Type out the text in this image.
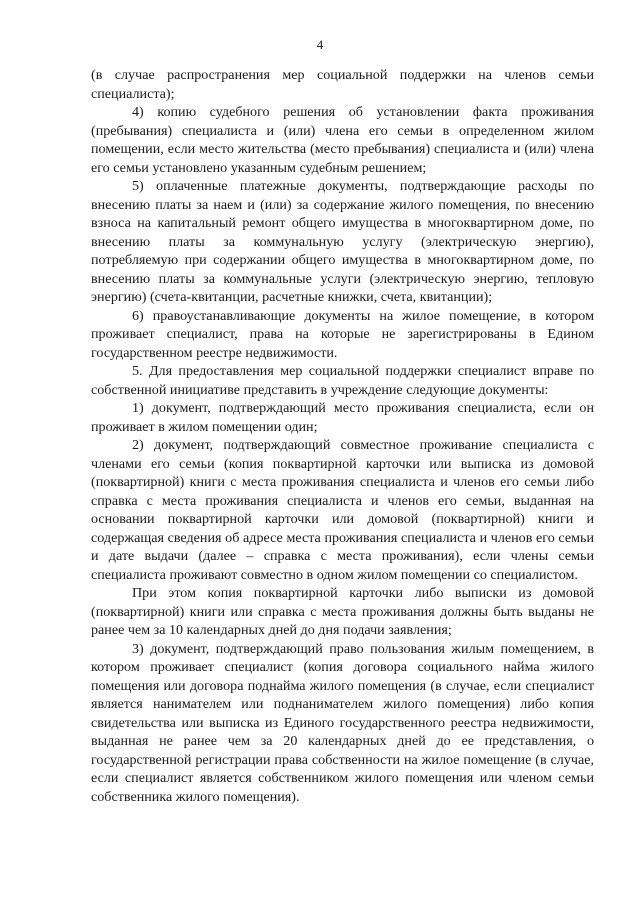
4

(в случае распространения мер социальной поддержки на членов семьи специалиста);

4) копию судебного решения об установлении факта проживания (пребывания) специалиста и (или) члена его семьи в определенном жилом помещении, если место жительства (место пребывания) специалиста и (или) члена его семьи установлено указанным судебным решением;

5) оплаченные платежные документы, подтверждающие расходы по внесению платы за наем и (или) за содержание жилого помещения, по внесению взноса на капитальный ремонт общего имущества в многоквартирном доме, по внесению платы за коммунальную услугу (электрическую энергию), потребляемую при содержании общего имущества в многоквартирном доме, по внесению платы за коммунальные услуги (электрическую энергию, тепловую энергию) (счета-квитанции, расчетные книжки, счета, квитанции);

6) правоустанавливающие документы на жилое помещение, в котором проживает специалист, права на которые не зарегистрированы в Едином государственном реестре недвижимости.

5. Для предоставления мер социальной поддержки специалист вправе по собственной инициативе представить в учреждение следующие документы:

1) документ, подтверждающий место проживания специалиста, если он проживает в жилом помещении один;

2) документ, подтверждающий совместное проживание специалиста с членами его семьи (копия поквартирной карточки или выписка из домовой (поквартирной) книги с места проживания специалиста и членов его семьи либо справка с места проживания специалиста и членов его семьи, выданная на основании поквартирной карточки или домовой (поквартирной) книги и содержащая сведения об адресе места проживания специалиста и членов его семьи и дате выдачи (далее – справка с места проживания), если члены семьи специалиста проживают совместно в одном жилом помещении со специалистом.

При этом копия поквартирной карточки либо выписки из домовой (поквартирной) книги или справка с места проживания должны быть выданы не ранее чем за 10 календарных дней до дня подачи заявления;

3) документ, подтверждающий право пользования жилым помещением, в котором проживает специалист (копия договора социального найма жилого помещения или договора поднайма жилого помещения (в случае, если специалист является нанимателем или поднанимателем жилого помещения) либо копия свидетельства или выписка из Единого государственного реестра недвижимости, выданная не ранее чем за 20 календарных дней до ее представления, о государственной регистрации права собственности на жилое помещение (в случае, если специалист является собственником жилого помещения или членом семьи собственника жилого помещения).
